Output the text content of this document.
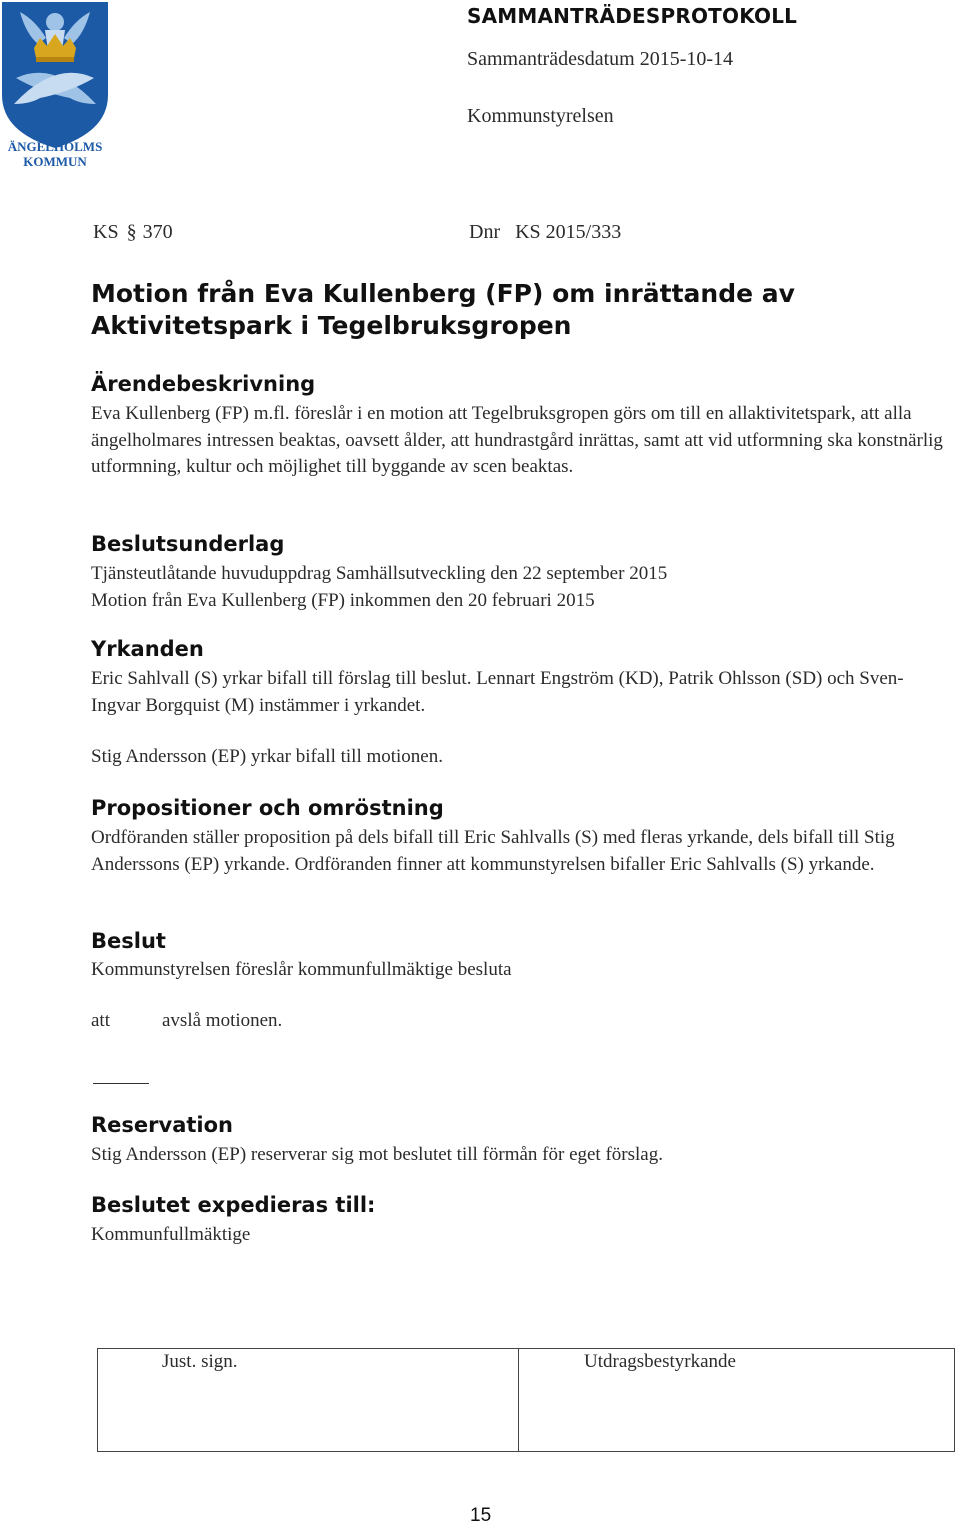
ÄNGELHOLMS
KOMMUN
SAMMANTRÄDESPROTOKOLL
Sammanträdesdatum 2015-10-14
Kommunstyrelsen
KS § 370	Dnr   KS 2015/333
Motion från Eva Kullenberg (FP) om inrättande av Aktivitetspark i Tegelbruksgropen
Ärendebeskrivning
Eva Kullenberg (FP) m.fl. föreslår i en motion att Tegelbruksgropen görs om till en allaktivitetspark, att alla ängelholmares intressen beaktas, oavsett ålder, att hundrastgård inrättas, samt att vid utformning ska konstnärlig utformning, kultur och möjlighet till byggande av scen beaktas.
Beslutsunderlag
Tjänsteutlåtande huvuduppdrag Samhällsutveckling den 22 september 2015
Motion från Eva Kullenberg (FP) inkommen den 20 februari 2015
Yrkanden
Eric Sahlvall (S) yrkar bifall till förslag till beslut. Lennart Engström (KD), Patrik Ohlsson (SD) och Sven-Ingvar Borgquist (M) instämmer i yrkandet.
Stig Andersson (EP) yrkar bifall till motionen.
Propositioner och omröstning
Ordföranden ställer proposition på dels bifall till Eric Sahlvalls (S) med fleras yrkande, dels bifall till Stig Anderssons (EP) yrkande. Ordföranden finner att kommunstyrelsen bifaller Eric Sahlvalls (S) yrkande.
Beslut
Kommunstyrelsen föreslår kommunfullmäktige besluta
att	avslå motionen.
Reservation
Stig Andersson (EP) reserverar sig mot beslutet till förmån för eget förslag.
Beslutet expedieras till:
Kommunfullmäktige
Just. sign.	Utdragsbestyrkande
15
